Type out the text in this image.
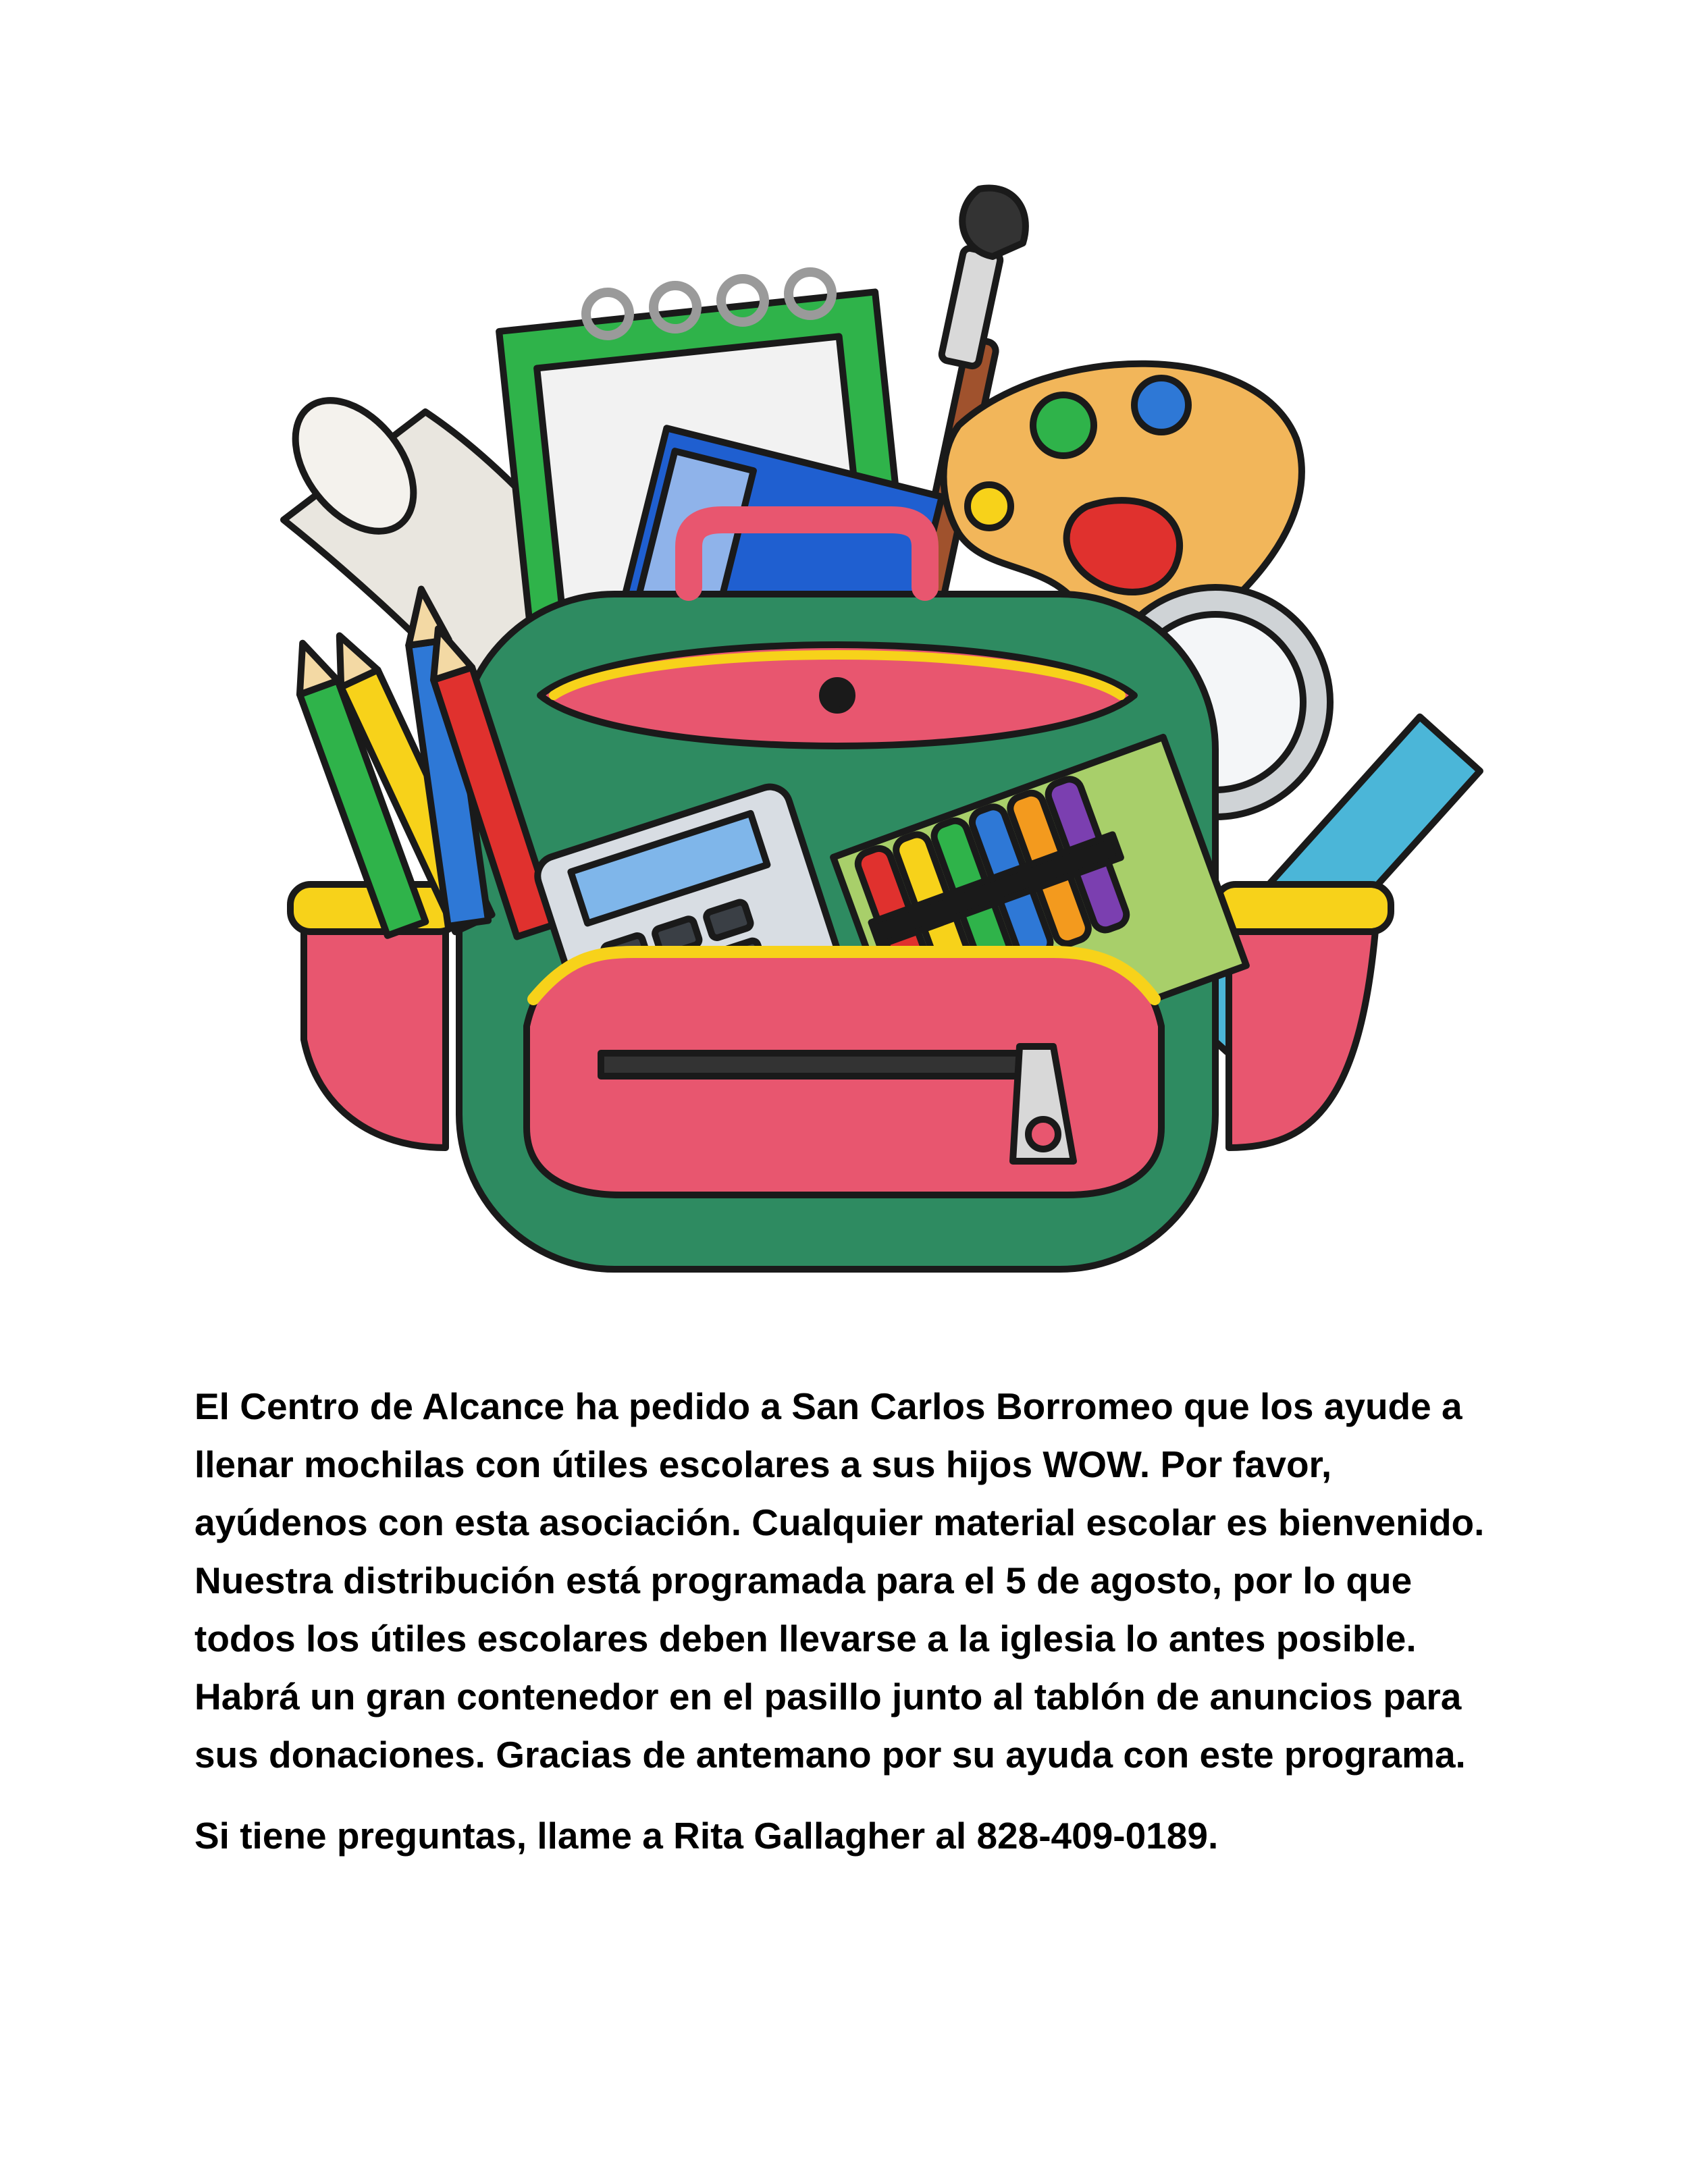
El Centro de Alcance ha pedido a San Carlos Borromeo que los ayude a llenar mochilas con útiles escolares a sus hijos WOW. Por favor, ayúdenos con esta asociación. Cualquier material escolar es bienvenido. Nuestra distribución está programada para el 5 de agosto, por lo que todos los útiles escolares deben llevarse a la iglesia lo antes posible. Habrá un gran contenedor en el pasillo junto al tablón de anuncios para sus donaciones. Gracias de antemano por su ayuda con este programa.

Si tiene preguntas, llame a Rita Gallagher al 828-409-0189.
